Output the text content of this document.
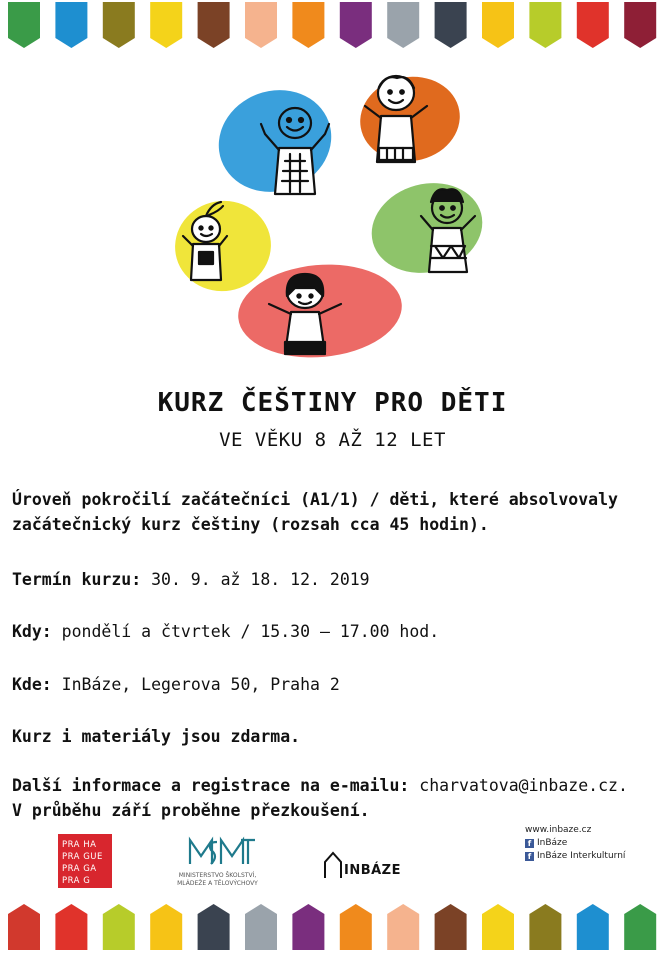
KURZ ČEŠTINY PRO DĚTI
VE VĚKU 8 AŽ 12 LET

Úroveň pokročilí začátečníci (A1/1) / děti, které absolvovaly začátečnický kurz češtiny (rozsah cca 45 hodin).

Termín kurzu: 30. 9. až 18. 12. 2019

Kdy: pondělí a čtvrtek / 15.30 – 17.00 hod.

Kde: InBáze, Legerova 50, Praha 2

Kurz i materiály jsou zdarma.

Další informace a registrace na e-mailu: charvatova@inbaze.cz.
V průběhu září proběhne přezkoušení.

PRA HA
PRA GUE
PRA GA
PRA G
MINISTERSTVO ŠKOLSTVÍ,
MLÁDEŽE A TĚLOVÝCHOVY
INBÁZE
www.inbaze.cz
f InBáze
f InBáze Interkulturní
